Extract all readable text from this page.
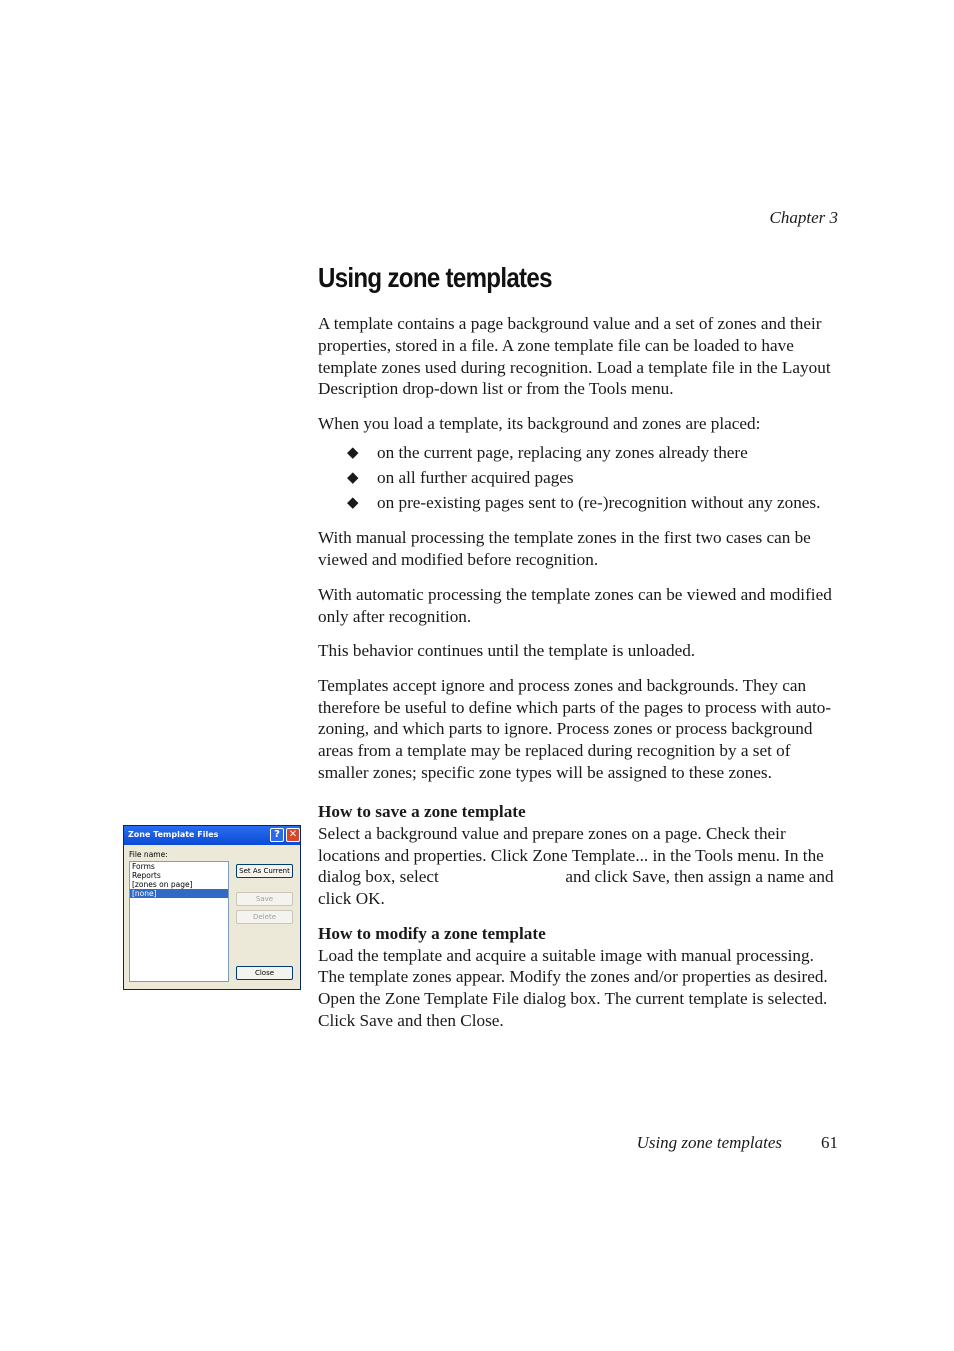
Chapter 3
Using zone templates

A template contains a page background value and a set of zones and their properties, stored in a file. A zone template file can be loaded to have template zones used during recognition. Load a template file in the Layout Description drop-down list or from the Tools menu.

When you load a template, its background and zones are placed:

◆ on the current page, replacing any zones already there
◆ on all further acquired pages
◆ on pre-existing pages sent to (re-)recognition without any zones.

With manual processing the template zones in the first two cases can be viewed and modified before recognition.

With automatic processing the template zones can be viewed and modified only after recognition.

This behavior continues until the template is unloaded.

Templates accept ignore and process zones and backgrounds. They can therefore be useful to define which parts of the pages to process with auto-zoning, and which parts to ignore. Process zones or process background areas from a template may be replaced during recognition by a set of smaller zones; specific zone types will be assigned to these zones.

How to save a zone template

Select a background value and prepare zones on a page. Check their locations and properties. Click Zone Template... in the Tools menu. In the dialog box, select	and click Save, then assign a name and click OK.

How to modify a zone template

Load the template and acquire a suitable image with manual processing. The template zones appear. Modify the zones and/or properties as desired. Open the Zone Template File dialog box. The current template is selected. Click Save and then Close.

Zone Template Files	? ✕
File name:
Forms
Reports
[zones on page]
[none]
Set As Current
Save
Delete
Close
Using zone templates	61
